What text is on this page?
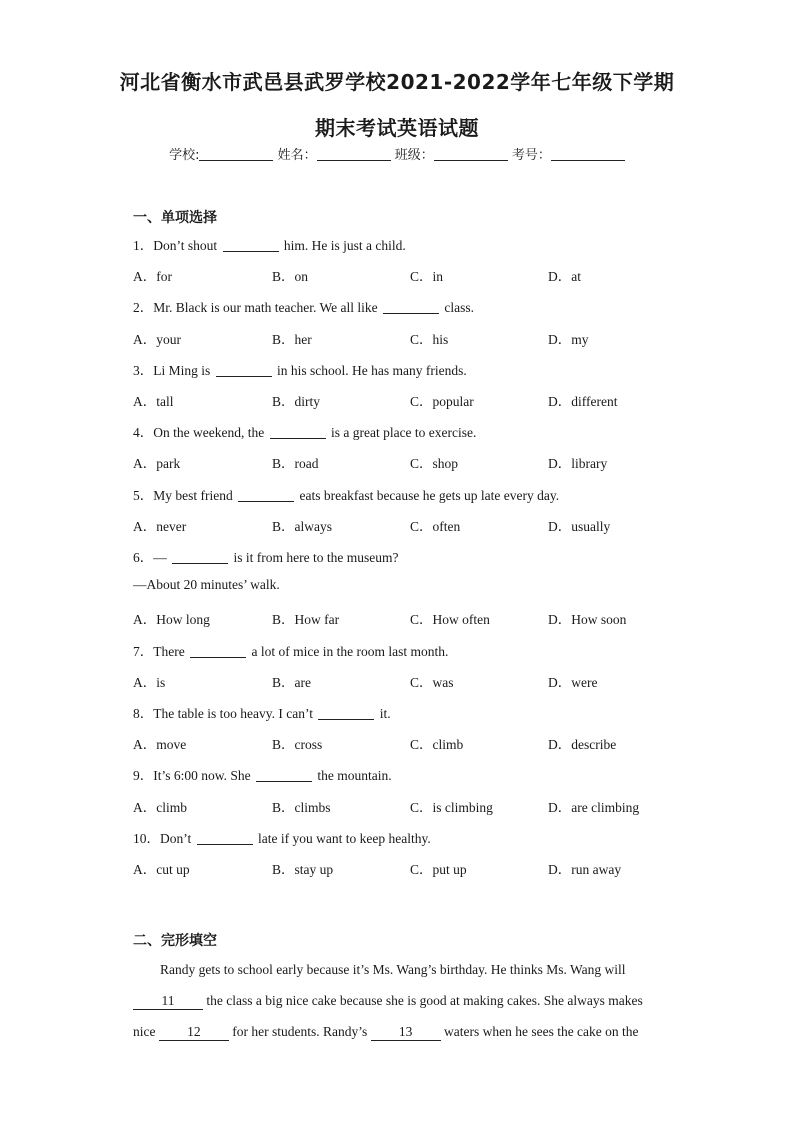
河北省衡水市武邑县武罗学校2021-2022学年七年级下学期
期末考试英语试题
学校:	姓名：	班级：	考号：
一、单项选择
1．Don’t shout	him. He is just a child.
A．for	B．on	C．in	D．at
2．Mr. Black is our math teacher. We all like	class.
A．your	B．her	C．his	D．my
3．Li Ming is	in his school. He has many friends.
A．tall	B．dirty	C．popular	D．different
4．On the weekend, the	is a great place to exercise.
A．park	B．road	C．shop	D．library
5．My best friend	eats breakfast because he gets up late every day.
A．never	B．always	C．often	D．usually
6．—	is it from here to the museum?
—About 20 minutes’ walk.
A．How long	B．How far	C．How often	D．How soon
7．There	a lot of mice in the room last month.
A．is	B．are	C．was	D．were
8．The table is too heavy. I can’t	it.
A．move	B．cross	C．climb	D．describe
9．It’s 6:00 now. She	the mountain.
A．climb	B．climbs	C．is climbing	D．are climbing
10．Don’t	late if you want to keep healthy.
A．cut up	B．stay up	C．put up	D．run away
二、完形填空
Randy gets to school early because it’s Ms. Wang’s birthday. He thinks Ms. Wang will
11 the class a big nice cake because she is good at making cakes. She always makes
nice 12 for her students. Randy’s 13 waters when he sees the cake on the
